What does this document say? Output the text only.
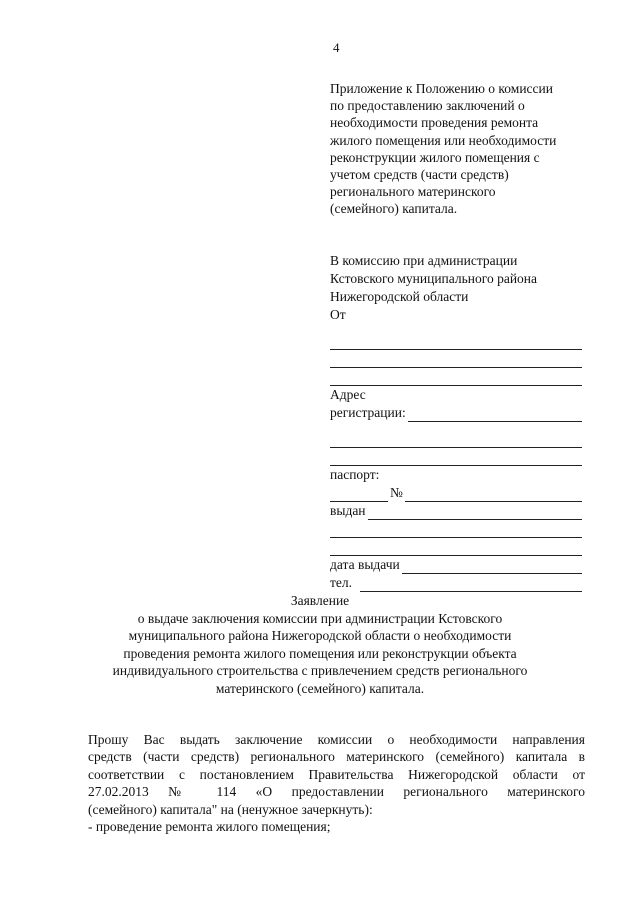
4
Приложение к Положению о комиссии
по предоставлению заключений о
необходимости проведения ремонта
жилого помещения или необходимости
реконструкции жилого помещения с
учетом средств (части средств)
регионального материнского
(семейного) капитала.
В комиссию при администрации
Кстовского муниципального района
Нижегородской области
От
Адрес
регистрации:
паспорт:
№
выдан
дата выдачи
тел.
Заявление
о выдаче заключения комиссии при администрации Кстовского
муниципального района Нижегородской области о необходимости
проведения ремонта жилого помещения или реконструкции объекта
индивидуального строительства с привлечением средств регионального
материнского (семейного) капитала.
Прошу Вас выдать заключение комиссии о необходимости направления
средств (части средств) регионального материнского (семейного) капитала в
соответствии с постановлением Правительства Нижегородской области от
27.02.2013 № 114 «О предоставлении регионального материнского
(семейного) капитала" на (ненужное зачеркнуть):
- проведение ремонта жилого помещения;
